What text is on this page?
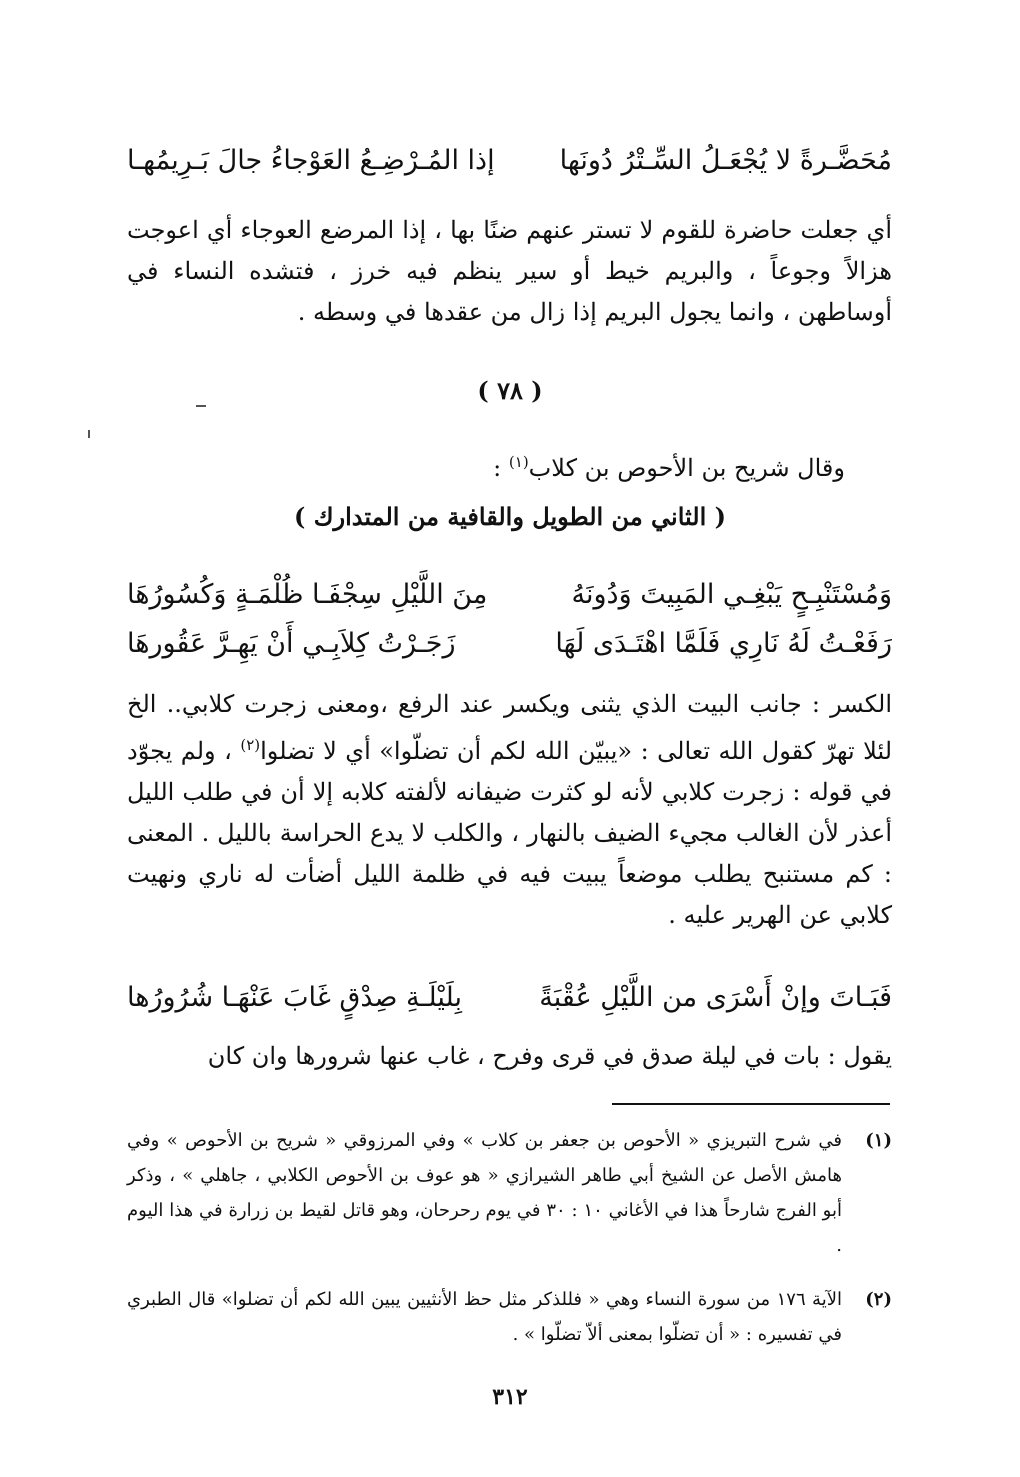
مُحَضَّـرةً لا يُجْعَـلُ السِّـتْرُ دُونَها
إذا المُـرْضِـعُ العَوْجاءُ جالَ بَـرِيمُهـا

أي جعلت حاضرة للقوم لا تستر عنهم ضنًا بها ، إذا المرضع العوجاء أي اعوجت هزالاً وجوعاً ، والبريم خيط أو سير ينظم فيه خرز ، فتشده النساء في أوساطهن ، وانما يجول البريم إذا زال من عقدها في وسطه .

( ٧٨ )
وقال شريح بن الأحوص بن كلاب$^{(١)}$ :
( الثاني من الطويل والقافية من المتدارك )
وَمُسْتَنْبِـحٍ يَبْغِـي المَبِيتَ وَدُونَهُ
مِنَ اللَّيْلِ سِجْفَـا ظُلْمَـةٍ وَكُسُورُهَا
رَفَعْـتُ لَهُ نَارِي فَلَمَّا اهْتَـدَى لَهَا
زَجَـرْتُ كِلاَبِـي أَنْ يَهِـرَّ عَقُورهَا

الكسر : جانب البيت الذي يثنى ويكسر عند الرفع ،ومعنى زجرت كلابي.. الخ لئلا تهرّ كقول الله تعالى : «يبيّن الله لكم أن تضلّوا» أي لا تضلوا$^{(٢)}$ ، ولم يجوّد في قوله : زجرت كلابي لأنه لو كثرت ضيفانه لألفته كلابه إلا أن في طلب الليل أعذر لأن الغالب مجيء الضيف بالنهار ، والكلب لا يدع الحراسة بالليل . المعنى : كم مستنبح يطلب موضعاً يبيت فيه في ظلمة الليل أضأت له ناري ونهيت كلابي عن الهرير عليه .

فَبَـاتَ وإنْ أَسْرَى من اللَّيْلِ عُقْبَةً
بِلَيْلَـةِ صِدْقٍ غَابَ عَنْهَـا شُرُورُها

يقول : بات في ليلة صدق في قرى وفرح ، غاب عنها شرورها وان كان

(١)
في شرح التبريزي « الأحوص بن جعفر بن كلاب » وفي المرزوقي « شريح بن الأحوص » وفي هامش الأصل عن الشيخ أبي طاهر الشيرازي « هو عوف بن الأحوص الكلابي ، جاهلي » ، وذكر أبو الفرج شارحاً هذا في الأغاني ١٠ : ٣٠ في يوم رحرحان، وهو قاتل لقيط بن زرارة في هذا اليوم .
(٢)
الآية ١٧٦ من سورة النساء وهي « فللذكر مثل حظ الأنثيين يبين الله لكم أن تضلوا» قال الطبري في تفسيره : « أن تضلّوا بمعنى ألاّ تضلّوا » .
٣١٢
